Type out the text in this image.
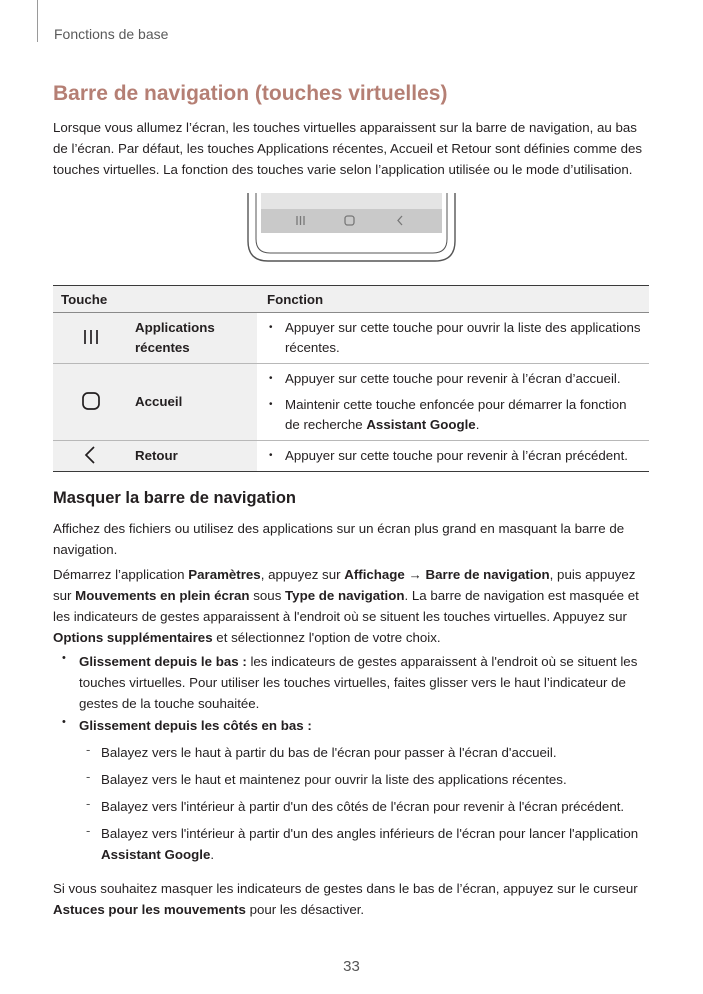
Fonctions de base
Barre de navigation (touches virtuelles)
Lorsque vous allumez l’écran, les touches virtuelles apparaissent sur la barre de navigation, au bas de l’écran. Par défaut, les touches Applications récentes, Accueil et Retour sont définies comme des touches virtuelles. La fonction des touches varie selon l’application utilisée ou le mode d’utilisation.
Touche		Fonction
	Applications récentes	• Appuyer sur cette touche pour ouvrir la liste des applications récentes.

	Accueil	• Appuyer sur cette touche pour revenir à l’écran d’accueil.
• Maintenir cette touche enfoncée pour démarrer la fonction de recherche Assistant Google.

	Retour	• Appuyer sur cette touche pour revenir à l’écran précédent.
Masquer la barre de navigation
Affichez des fichiers ou utilisez des applications sur un écran plus grand en masquant la barre de navigation.
Démarrez l’application Paramètres, appuyez sur Affichage → Barre de navigation, puis appuyez sur Mouvements en plein écran sous Type de navigation. La barre de navigation est masquée et les indicateurs de gestes apparaissent à l'endroit où se situent les touches virtuelles. Appuyez sur Options supplémentaires et sélectionnez l'option de votre choix.
• Glissement depuis le bas : les indicateurs de gestes apparaissent à l'endroit où se situent les touches virtuelles. Pour utiliser les touches virtuelles, faites glisser vers le haut l’indicateur de gestes de la touche souhaitée.
• Glissement depuis les côtés en bas :
- Balayez vers le haut à partir du bas de l'écran pour passer à l'écran d'accueil.
- Balayez vers le haut et maintenez pour ouvrir la liste des applications récentes.
- Balayez vers l'intérieur à partir d'un des côtés de l'écran pour revenir à l'écran précédent.
- Balayez vers l'intérieur à partir d'un des angles inférieurs de l'écran pour lancer l'application Assistant Google.
Si vous souhaitez masquer les indicateurs de gestes dans le bas de l’écran, appuyez sur le curseur Astuces pour les mouvements pour les désactiver.
33
